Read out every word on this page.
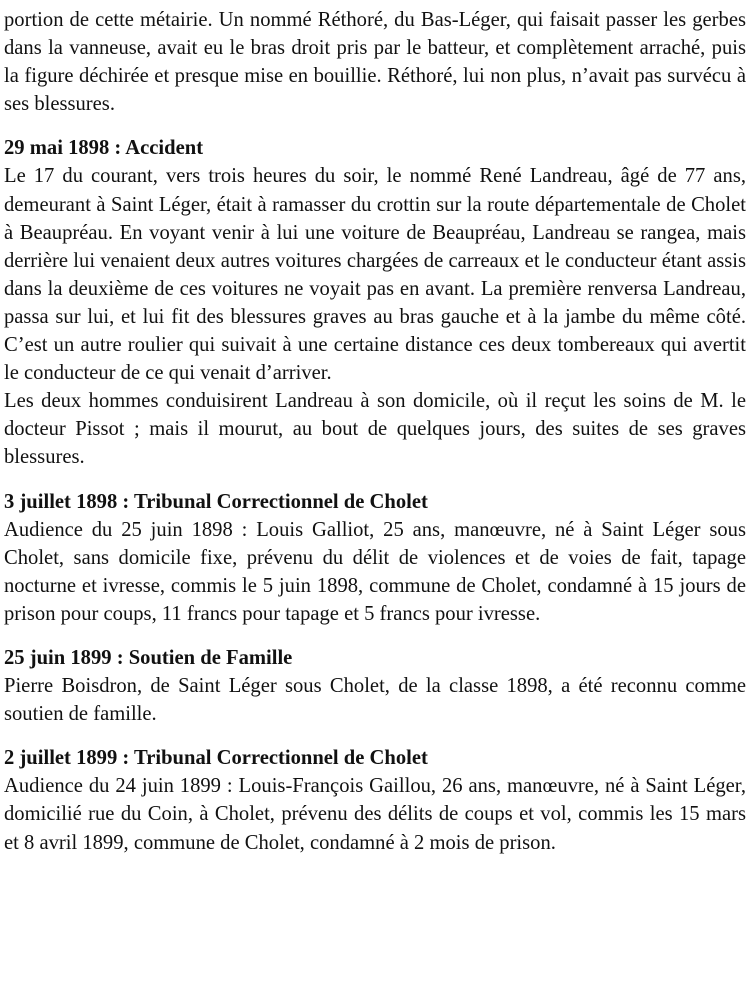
portion de cette métairie. Un nommé Réthoré, du Bas-Léger, qui faisait passer les gerbes dans la vanneuse, avait eu le bras droit pris par le batteur, et complètement arraché, puis la figure déchirée et presque mise en bouillie. Réthoré, lui non plus, n’avait pas survécu à ses blessures.

29 mai 1898 : Accident

Le 17 du courant, vers trois heures du soir, le nommé René Landreau, âgé de 77 ans, demeurant à Saint Léger, était à ramasser du crottin sur la route départementale de Cholet à Beaupréau. En voyant venir à lui une voiture de Beaupréau, Landreau se rangea, mais derrière lui venaient deux autres voitures chargées de carreaux et le conducteur étant assis dans la deuxième de ces voitures ne voyait pas en avant. La première renversa Landreau, passa sur lui, et lui fit des blessures graves au bras gauche et à la jambe du même côté. C’est un autre roulier qui suivait à une certaine distance ces deux tombereaux qui avertit le conducteur de ce qui venait d’arriver.

Les deux hommes conduisirent Landreau à son domicile, où il reçut les soins de M. le docteur Pissot ; mais il mourut, au bout de quelques jours, des suites de ses graves blessures.

3 juillet 1898 : Tribunal Correctionnel de Cholet

Audience du 25 juin 1898 : Louis Galliot, 25 ans, manœuvre, né à Saint Léger sous Cholet, sans domicile fixe, prévenu du délit de violences et de voies de fait, tapage nocturne et ivresse, commis le 5 juin 1898, commune de Cholet, condamné à 15 jours de prison pour coups, 11 francs pour tapage et 5 francs pour ivresse.

25 juin 1899 : Soutien de Famille

Pierre Boisdron, de Saint Léger sous Cholet, de la classe 1898, a été reconnu comme soutien de famille.

2 juillet 1899 : Tribunal Correctionnel de Cholet

Audience du 24 juin 1899 : Louis-François Gaillou, 26 ans, manœuvre, né à Saint Léger, domicilié rue du Coin, à Cholet, prévenu des délits de coups et vol, commis les 15 mars et 8 avril 1899, commune de Cholet, condamné à 2 mois de prison.
